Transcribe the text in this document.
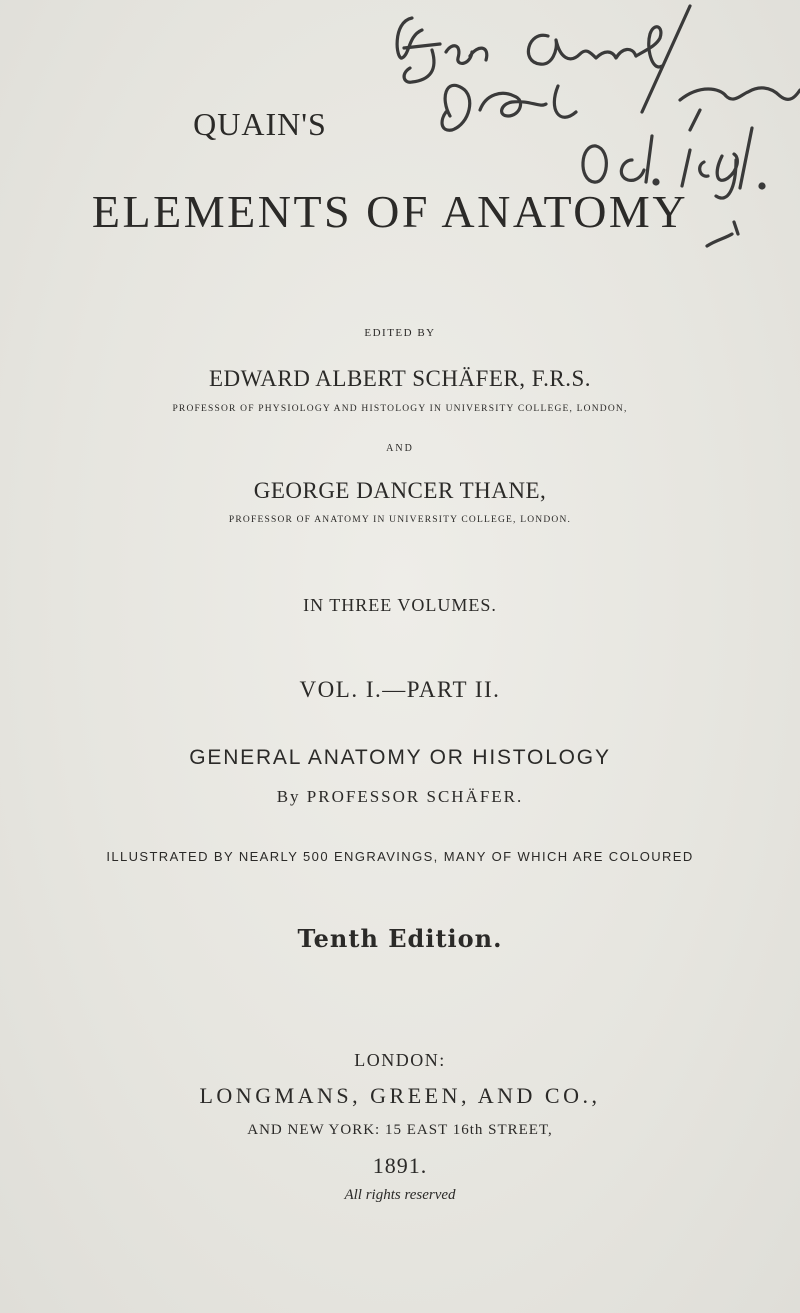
QUAIN'S
ELEMENTS OF ANATOMY
EDITED BY
EDWARD ALBERT SCHÄFER, F.R.S.
PROFESSOR OF PHYSIOLOGY AND HISTOLOGY IN UNIVERSITY COLLEGE, LONDON,
AND
GEORGE DANCER THANE,
PROFESSOR OF ANATOMY IN UNIVERSITY COLLEGE, LONDON.
IN THREE VOLUMES.
VOL. I.—PART II.
GENERAL ANATOMY OR HISTOLOGY
By PROFESSOR SCHÄFER.
ILLUSTRATED BY NEARLY 500 ENGRAVINGS, MANY OF WHICH ARE COLOURED
Tenth Edition.
LONDON:
LONGMANS, GREEN, AND CO.,
AND NEW YORK: 15 EAST 16th STREET,
1891.
All rights reserved
